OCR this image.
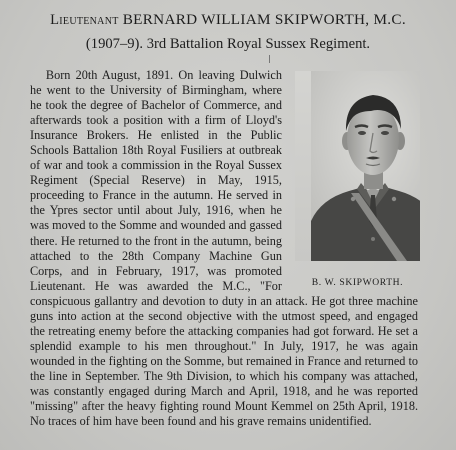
Lieutenant BERNARD WILLIAM SKIPWORTH, M.C.
(1907–9). 3rd Battalion Royal Sussex Regiment.
B. W. SKIPWORTH.
Born 20th August, 1891. On leaving Dulwich he went to the University of Birmingham, where he took the degree of Bachelor of Commerce, and afterwards took a position with a firm of Lloyd's Insurance Brokers. He enlisted in the Public Schools Battalion 18th Royal Fusiliers at outbreak of war and took a commission in the Royal Sussex Regiment (Special Reserve) in May, 1915, proceeding to France in the autumn. He served in the Ypres sector until about July, 1916, when he was moved to the Somme and wounded and gassed there. He returned to the front in the autumn, being attached to the 28th Company Machine Gun Corps, and in February, 1917, was promoted Lieutenant. He was awarded the M.C., "For conspicuous gallantry and devotion to duty in an attack. He got three machine guns into action at the second objective with the utmost speed, and engaged the retreating enemy before the attacking companies had got forward. He set a splendid example to his men throughout." In July, 1917, he was again wounded in the fighting on the Somme, but remained in France and returned to the line in September. The 9th Division, to which his company was attached, was constantly engaged during March and April, 1918, and he was reported "missing" after the heavy fighting round Mount Kemmel on 25th April, 1918. No traces of him have been found and his grave remains unidentified.
